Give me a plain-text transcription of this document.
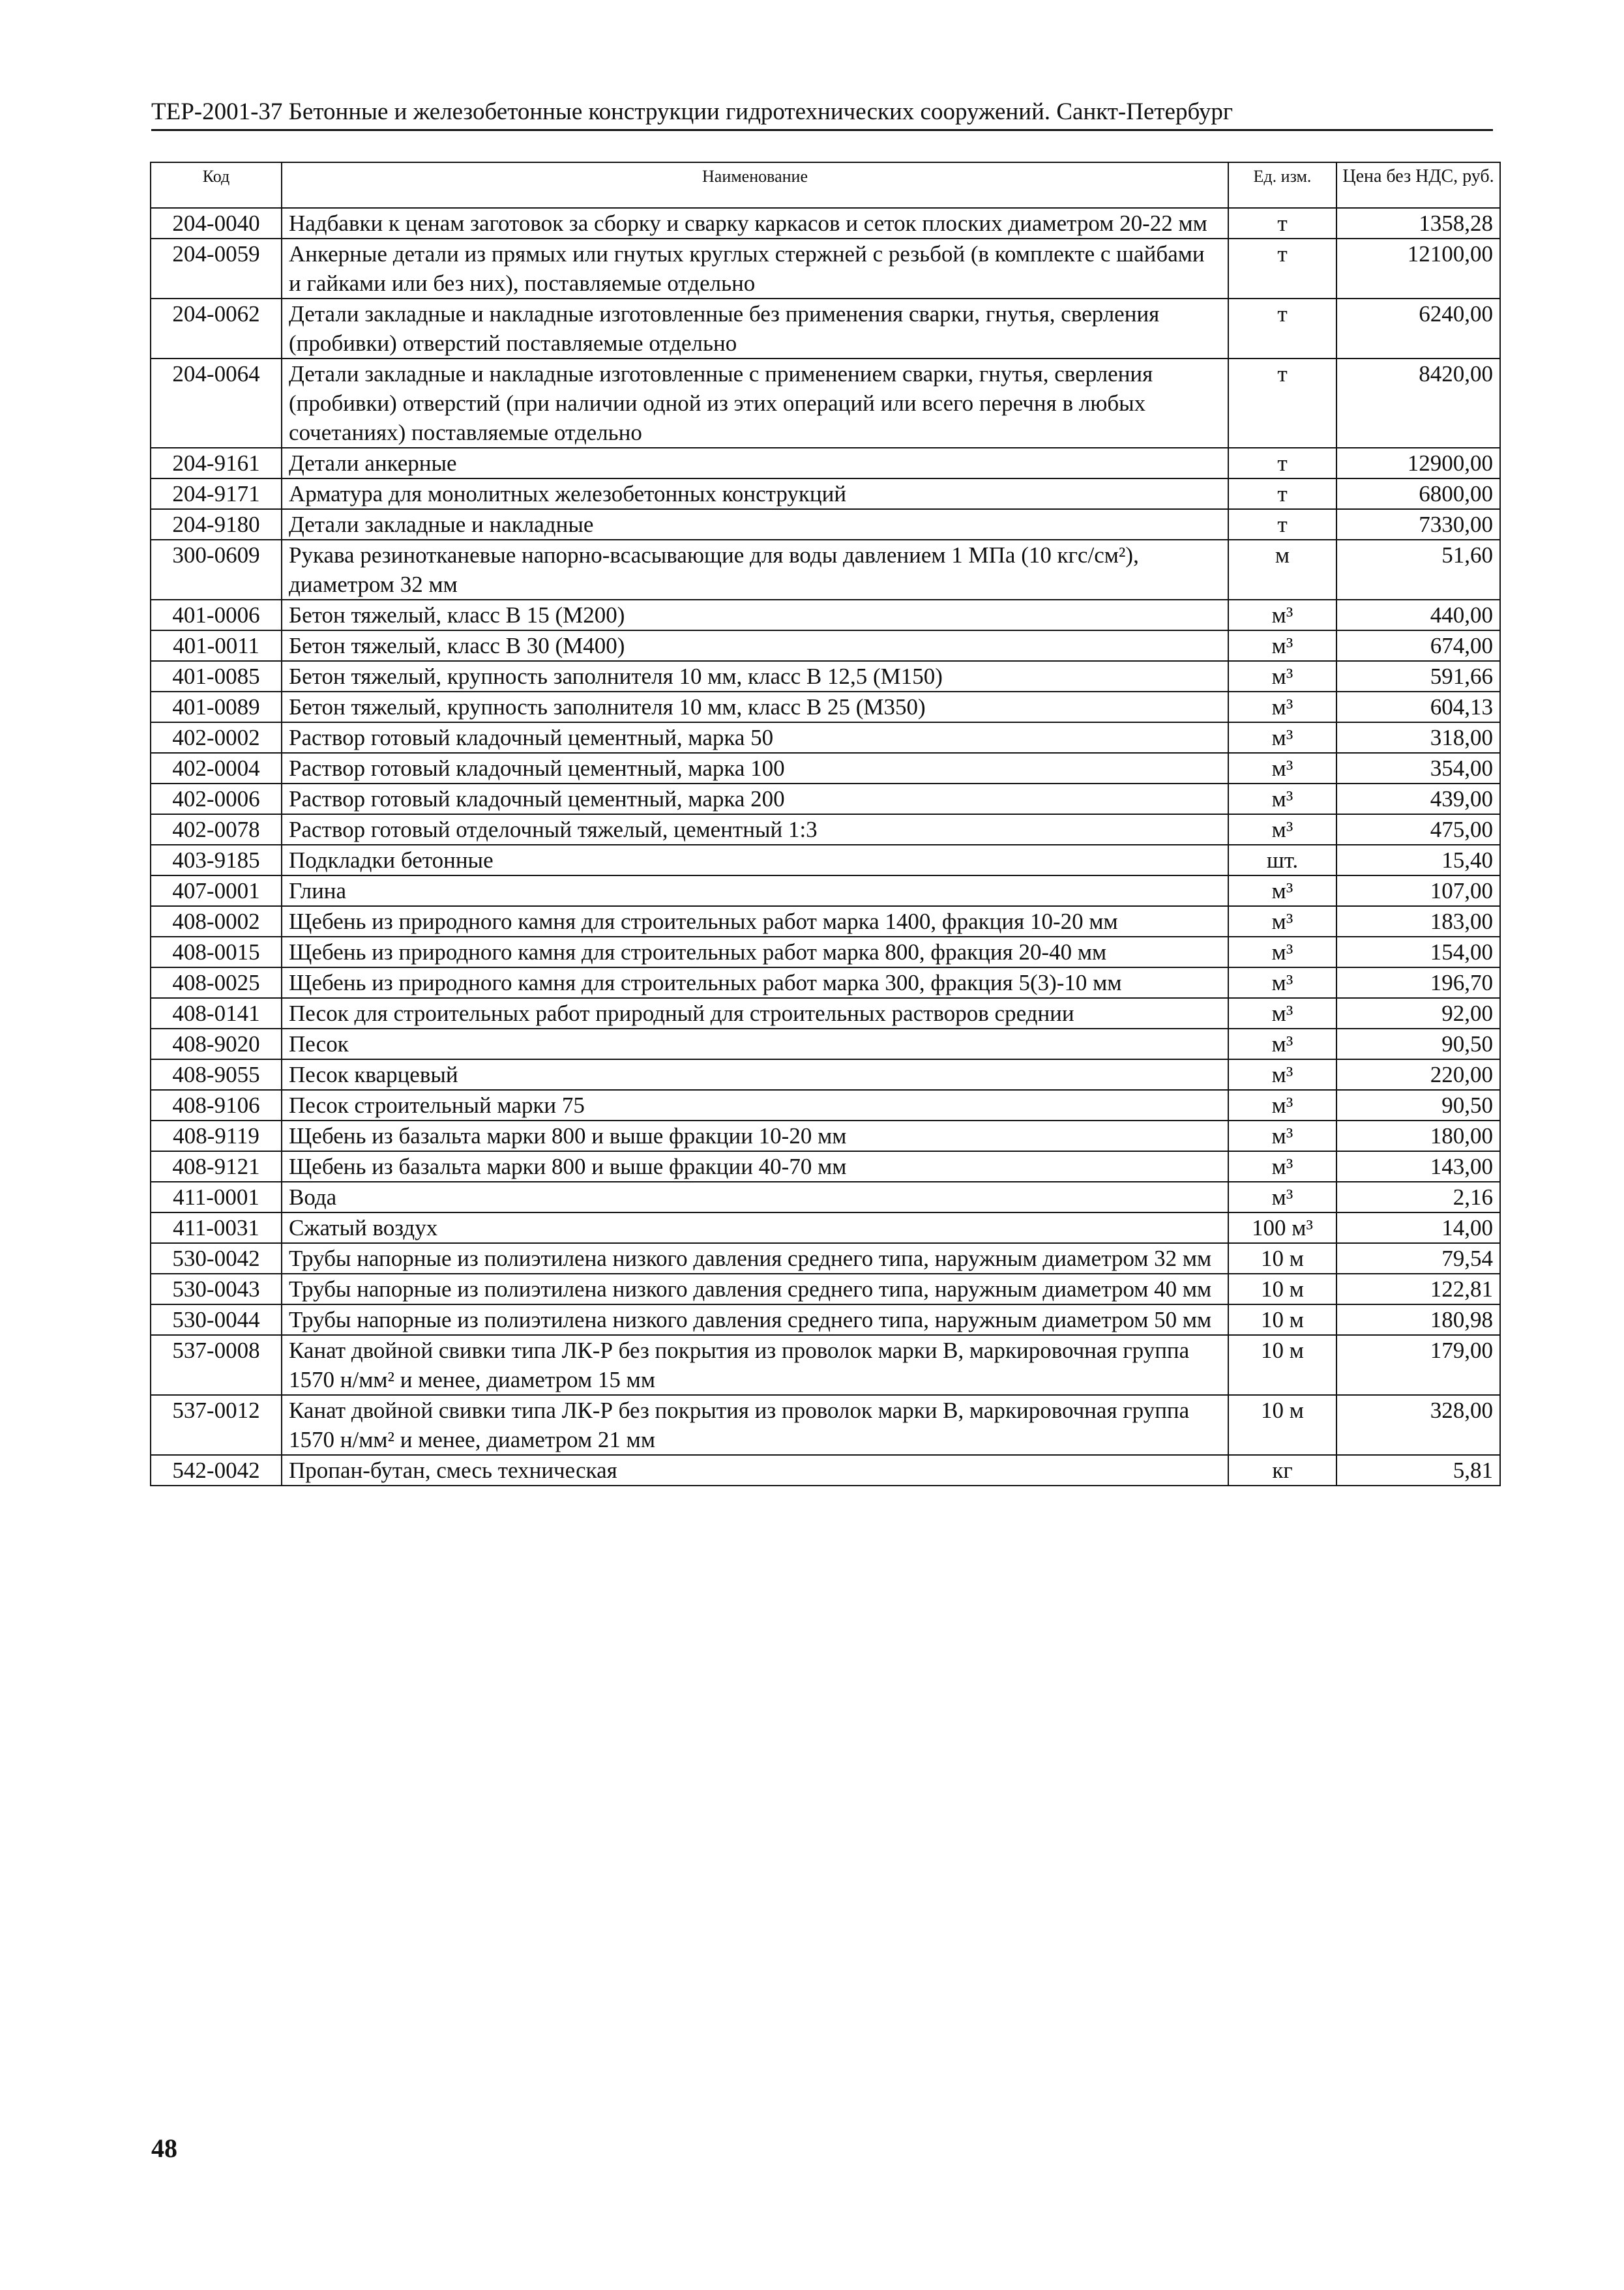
ТЕР-2001-37 Бетонные и железобетонные конструкции гидротехнических сооружений. Санкт-Петербург
Код	Наименование	Ед. изм.	Цена без НДС, руб.
204-0040	Надбавки к ценам заготовок за сборку и сварку каркасов и сеток плоских диаметром 20-22 мм	т	1358,28
204-0059	Анкерные детали из прямых или гнутых круглых стержней с резьбой (в комплекте с шайбами и гайками или без них), поставляемые отдельно	т	12100,00
204-0062	Детали закладные и накладные изготовленные без применения сварки, гнутья, сверления (пробивки) отверстий поставляемые отдельно	т	6240,00
204-0064	Детали закладные и накладные изготовленные с применением сварки, гнутья, сверления (пробивки) отверстий (при наличии одной из этих операций или всего перечня в любых сочетаниях) поставляемые отдельно	т	8420,00
204-9161	Детали анкерные	т	12900,00
204-9171	Арматура для монолитных железобетонных конструкций	т	6800,00
204-9180	Детали закладные и накладные	т	7330,00
300-0609	Рукава резинотканевые напорно-всасывающие для воды давлением 1 МПа (10 кгс/см²), диаметром 32 мм	м	51,60
401-0006	Бетон тяжелый, класс В 15 (М200)	м³	440,00
401-0011	Бетон тяжелый, класс В 30 (М400)	м³	674,00
401-0085	Бетон тяжелый, крупность заполнителя 10 мм, класс В 12,5 (М150)	м³	591,66
401-0089	Бетон тяжелый, крупность заполнителя 10 мм, класс В 25 (М350)	м³	604,13
402-0002	Раствор готовый кладочный цементный, марка 50	м³	318,00
402-0004	Раствор готовый кладочный цементный, марка 100	м³	354,00
402-0006	Раствор готовый кладочный цементный, марка 200	м³	439,00
402-0078	Раствор готовый отделочный тяжелый, цементный 1:3	м³	475,00
403-9185	Подкладки бетонные	шт.	15,40
407-0001	Глина	м³	107,00
408-0002	Щебень из природного камня для строительных работ марка 1400, фракция 10-20 мм	м³	183,00
408-0015	Щебень из природного камня для строительных работ марка 800, фракция 20-40 мм	м³	154,00
408-0025	Щебень из природного камня для строительных работ марка 300, фракция 5(3)-10 мм	м³	196,70
408-0141	Песок для строительных работ природный для строительных растворов среднии	м³	92,00
408-9020	Песок	м³	90,50
408-9055	Песок кварцевый	м³	220,00
408-9106	Песок строительный марки 75	м³	90,50
408-9119	Щебень из базальта марки 800 и выше фракции 10-20 мм	м³	180,00
408-9121	Щебень из базальта марки 800 и выше фракции 40-70 мм	м³	143,00
411-0001	Вода	м³	2,16
411-0031	Сжатый воздух	100 м³	14,00
530-0042	Трубы напорные из полиэтилена низкого давления среднего типа, наружным диаметром 32 мм	10 м	79,54
530-0043	Трубы напорные из полиэтилена низкого давления среднего типа, наружным диаметром 40 мм	10 м	122,81
530-0044	Трубы напорные из полиэтилена низкого давления среднего типа, наружным диаметром 50 мм	10 м	180,98
537-0008	Канат двойной свивки типа ЛК-Р без покрытия из проволок марки В, маркировочная группа 1570 н/мм² и менее, диаметром 15 мм	10 м	179,00
537-0012	Канат двойной свивки типа ЛК-Р без покрытия из проволок марки В, маркировочная группа 1570 н/мм² и менее, диаметром 21 мм	10 м	328,00
542-0042	Пропан-бутан, смесь техническая	кг	5,81
48
